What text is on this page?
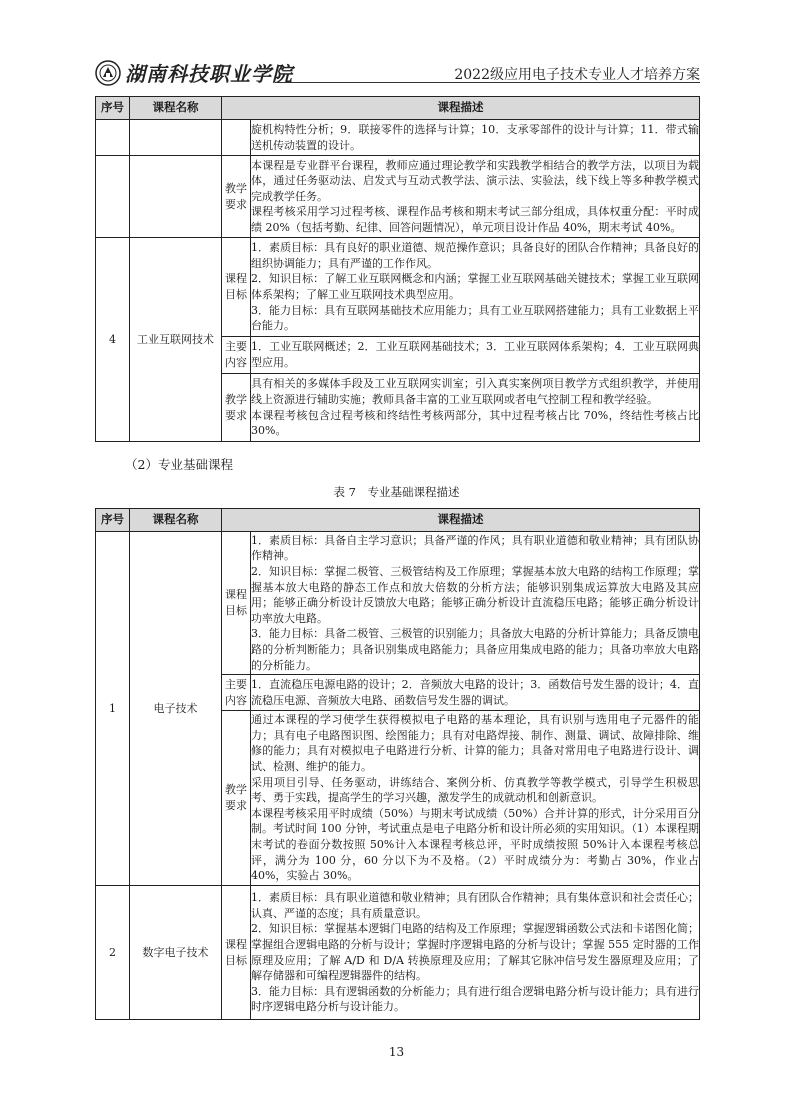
湖南科技职业学院	2022级应用电子技术专业人才培养方案
序号	课程名称	课程描述	
			旋机构特性分析；9．联接零件的选择与计算；10．支承零部件的设计与计算；11．带式输送机传动装置的设计。
		教学要求	本课程是专业群平台课程，教师应通过理论教学和实践教学相结合的教学方法，以项目为载体，通过任务驱动法、启发式与互动式教学法、演示法、实验法，线下线上等多种教学模式完成教学任务。

课程考核采用学习过程考核、课程作品考核和期末考试三部分组成，具体权重分配：平时成绩 20%（包括考勤、纪律、回答问题情况），单元项目设计作品 40%，期末考试 40%。

4	工业互联网技术	课程目标	1．素质目标：具有良好的职业道德、规范操作意识；具备良好的团队合作精神；具备良好的组织协调能力；具有严谨的工作作风。

2．知识目标：了解工业互联网概念和内涵；掌握工业互联网基础关键技术；掌握工业互联网体系架构；了解工业互联网技术典型应用。

3．能力目标：具有互联网基础技术应用能力；具有工业互联网搭建能力；具有工业数据上平台能力。

		主要内容	1．工业互联网概述；2．工业互联网基础技术；3．工业互联网体系架构；4．工业互联网典型应用。
		教学要求	具有相关的多媒体手段及工业互联网实训室；引入真实案例项目教学方式组织教学，并使用线上资源进行辅助实施；教师具备丰富的工业互联网或者电气控制工程和教学经验。

本课程考核包含过程考核和终结性考核两部分，其中过程考核占比 70%，终结性考核占比 30%。

（2）专业基础课程
表 7　专业基础课程描述
序号	课程名称	课程描述	
1	电子技术	课程目标	1．素质目标：具备自主学习意识；具备严谨的作风；具有职业道德和敬业精神；具有团队协作精神。

2．知识目标：掌握二极管、三极管结构及工作原理；掌握基本放大电路的结构工作原理；掌握基本放大电路的静态工作点和放大倍数的分析方法；能够识别集成运算放大电路及其应用；能够正确分析设计反馈放大电路；能够正确分析设计直流稳压电路；能够正确分析设计功率放大电路。

3．能力目标：具备二极管、三极管的识别能力；具备放大电路的分析计算能力；具备反馈电路的分析判断能力；具备识别集成电路能力；具备应用集成电路的能力；具备功率放大电路的分析能力。

		主要内容	1．直流稳压电源电路的设计；2．音频放大电路的设计；3．函数信号发生器的设计；4．直流稳压电源、音频放大电路、函数信号发生器的调试。
		教学要求	通过本课程的学习使学生获得模拟电子电路的基本理论，具有识别与选用电子元器件的能力；具有电子电路图识图、绘图能力；具有对电路焊接、制作、测量、调试、故障排除、维修的能力；具有对模拟电子电路进行分析、计算的能力；具备对常用电子电路进行设计、调试、检测、维护的能力。

采用项目引导、任务驱动，讲练结合、案例分析、仿真教学等教学模式，引导学生积极思考、勇于实践，提高学生的学习兴趣，激发学生的成就动机和创新意识。

本课程考核采用平时成绩（50%）与期末考试成绩（50%）合并计算的形式，计分采用百分制。考试时间 100 分钟，考试重点是电子电路分析和设计所必须的实用知识。（1）本课程期末考试的卷面分数按照 50%计入本课程考核总评，平时成绩按照 50%计入本课程考核总评，满分为 100 分，60 分以下为不及格。（2）平时成绩分为：考勤占 30%，作业占 40%，实验占 30%。

2	数字电子技术	课程目标	1．素质目标：具有职业道德和敬业精神；具有团队合作精神；具有集体意识和社会责任心；认真、严谨的态度；具有质量意识。

2．知识目标：掌握基本逻辑门电路的结构及工作原理；掌握逻辑函数公式法和卡诺图化简；掌握组合逻辑电路的分析与设计；掌握时序逻辑电路的分析与设计；掌握 555 定时器的工作原理及应用；了解 A/D 和 D/A 转换原理及应用；了解其它脉冲信号发生器原理及应用；了解存储器和可编程逻辑器件的结构。

3．能力目标：具有逻辑函数的分析能力；具有进行组合逻辑电路分析与设计能力；具有进行时序逻辑电路分析与设计能力。

13
